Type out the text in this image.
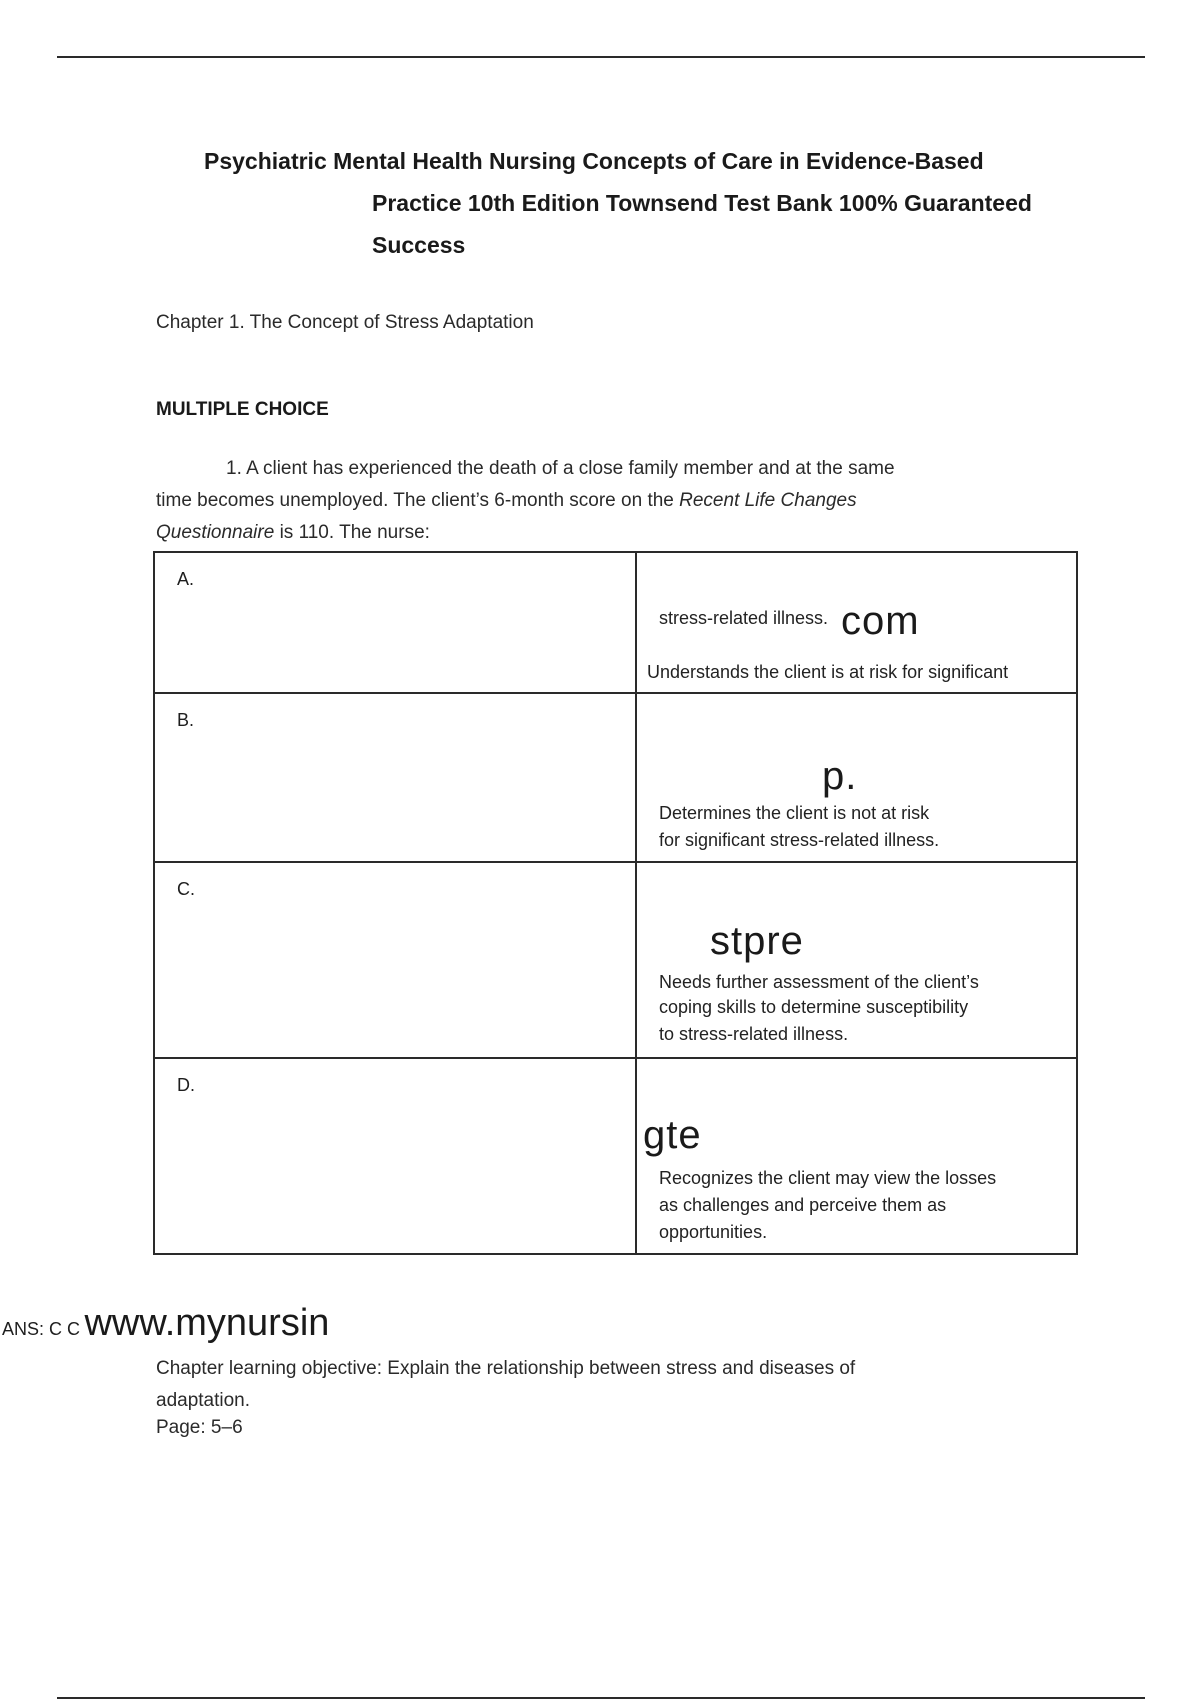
Psychiatric Mental Health Nursing Concepts of Care in Evidence-Based
Practice 10th Edition Townsend Test Bank 100% Guaranteed
Success
Chapter 1. The Concept of Stress Adaptation
MULTIPLE CHOICE
1. A client has experienced the death of a close family member and at the same
time becomes unemployed. The client’s 6-month score on the Recent Life Changes
Questionnaire is 110. The nurse:
A.	stress-related illness. com
Understands the client is at risk for significant

B.	p.
Determines the client is not at risk
for significant stress-related illness.

C.	stpre
Needs further assessment of the client’s
coping skills to determine susceptibility
to stress-related illness.

D.	gte
Recognizes the client may view the losses
as challenges and perceive them as
opportunities.
ANS: C C www.mynursin
Chapter learning objective: Explain the relationship between stress and diseases of
adaptation.
Page: 5–6
